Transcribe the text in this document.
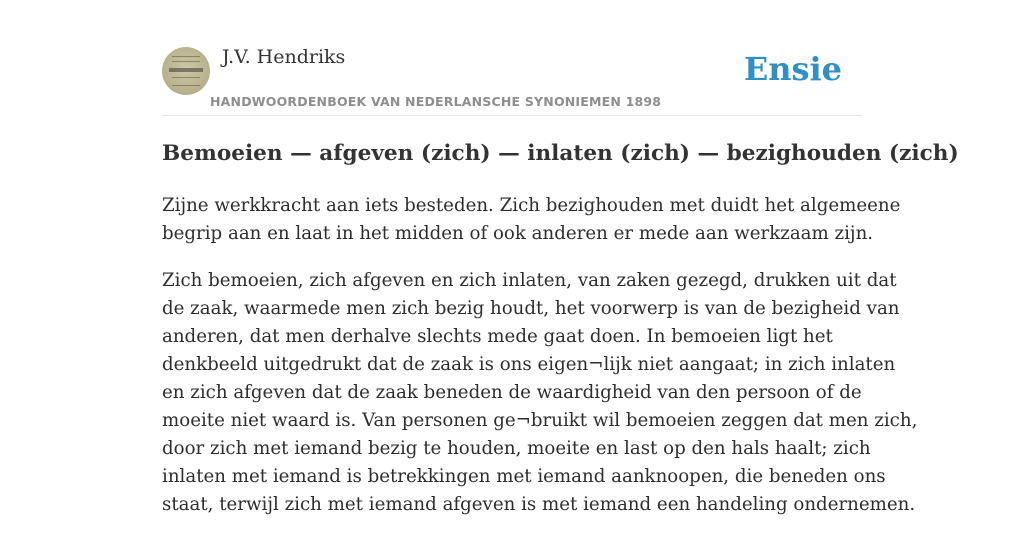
J.V. Hendriks
HANDWOORDENBOEK VAN NEDERLANSCHE SYNONIEMEN 1898
Ensie
Bemoeien — afgeven (zich) — inlaten (zich) — bezighouden (zich)

Zijne werkkracht aan iets besteden. Zich bezighouden met duidt het algemeene
begrip aan en laat in het midden of ook anderen er mede aan werkzaam zijn.

Zich bemoeien, zich afgeven en zich inlaten, van zaken gezegd, drukken uit dat
de zaak, waarmede men zich bezig houdt, het voorwerp is van de bezigheid van
anderen, dat men derhalve slechts mede gaat doen. In bemoeien ligt het
denkbeeld uitgedrukt dat de zaak is ons eigen¬lijk niet aangaat; in zich inlaten
en zich afgeven dat de zaak beneden de waardigheid van den persoon of de
moeite niet waard is. Van personen ge¬bruikt wil bemoeien zeggen dat men zich,
door zich met iemand bezig te houden, moeite en last op den hals haalt; zich
inlaten met iemand is betrekkingen met iemand aanknoopen, die beneden ons
staat, terwijl zich met iemand afgeven is met iemand een handeling ondernemen.
